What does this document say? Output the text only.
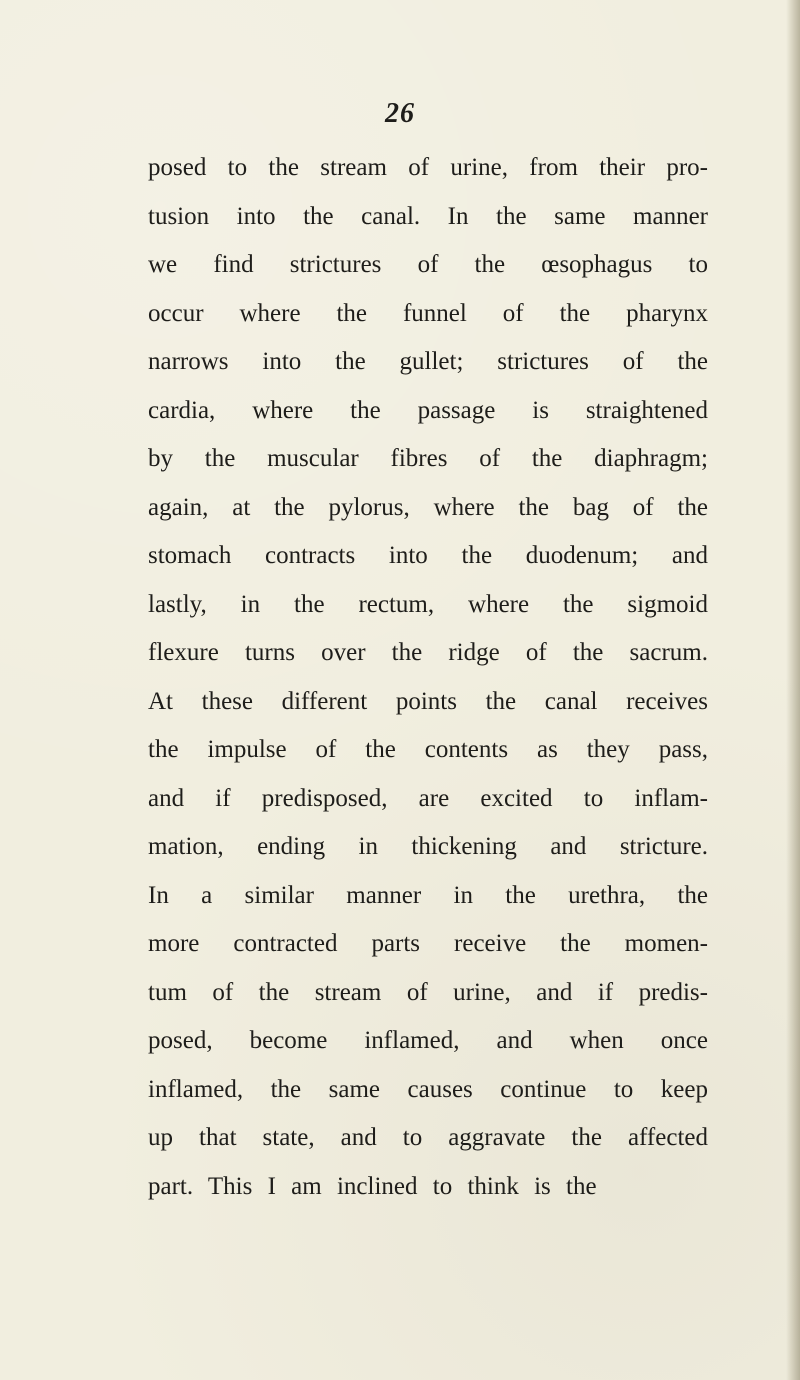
26
posed to the stream of urine, from their pro-
tusion into the canal. In the same manner
we find strictures of the œsophagus to
occur where the funnel of the pharynx
narrows into the gullet; strictures of the
cardia, where the passage is straightened
by the muscular fibres of the diaphragm;
again, at the pylorus, where the bag of the
stomach contracts into the duodenum; and
lastly, in the rectum, where the sigmoid
flexure turns over the ridge of the sacrum.
At these different points the canal receives
the impulse of the contents as they pass,
and if predisposed, are excited to inflam-
mation, ending in thickening and stricture.
In a similar manner in the urethra, the
more contracted parts receive the momen-
tum of the stream of urine, and if predis-
posed, become inflamed, and when once
inflamed, the same causes continue to keep
up that state, and to aggravate the affected
part. This I am inclined to think is the
